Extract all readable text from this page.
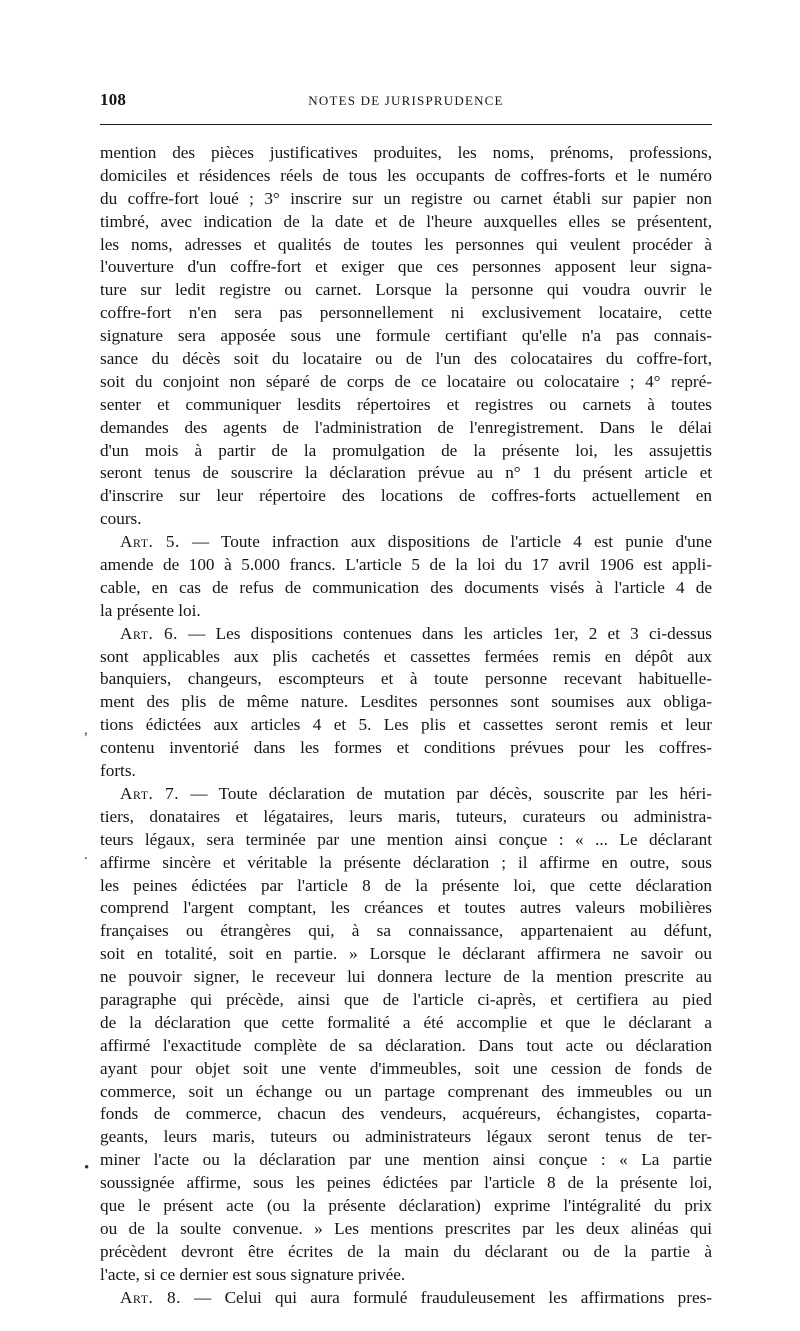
108	NOTES DE JURISPRUDENCE
mention des pièces justificatives produites, les noms, prénoms, professions,
domiciles et résidences réels de tous les occupants de coffres-forts et le numéro
du coffre-fort loué ; 3° inscrire sur un registre ou carnet établi sur papier non
timbré, avec indication de la date et de l'heure auxquelles elles se présentent,
les noms, adresses et qualités de toutes les personnes qui veulent procéder à
l'ouverture d'un coffre-fort et exiger que ces personnes apposent leur signa-
ture sur ledit registre ou carnet. Lorsque la personne qui voudra ouvrir le
coffre-fort n'en sera pas personnellement ni exclusivement locataire, cette
signature sera apposée sous une formule certifiant qu'elle n'a pas connais-
sance du décès soit du locataire ou de l'un des colocataires du coffre-fort,
soit du conjoint non séparé de corps de ce locataire ou colocataire ; 4° repré-
senter et communiquer lesdits répertoires et registres ou carnets à toutes
demandes des agents de l'administration de l'enregistrement. Dans le délai
d'un mois à partir de la promulgation de la présente loi, les assujettis
seront tenus de souscrire la déclaration prévue au n° 1 du présent article et
d'inscrire sur leur répertoire des locations de coffres-forts actuellement en
cours.
Art. 5. — Toute infraction aux dispositions de l'article 4 est punie d'une
amende de 100 à 5.000 francs. L'article 5 de la loi du 17 avril 1906 est appli-
cable, en cas de refus de communication des documents visés à l'article 4 de
la présente loi.
Art. 6. — Les dispositions contenues dans les articles 1er, 2 et 3 ci-dessus
sont applicables aux plis cachetés et cassettes fermées remis en dépôt aux
banquiers, changeurs, escompteurs et à toute personne recevant habituelle-
ment des plis de même nature. Lesdites personnes sont soumises aux obliga-
tions édictées aux articles 4 et 5. Les plis et cassettes seront remis et leur
contenu inventorié dans les formes et conditions prévues pour les coffres-
forts.
Art. 7. — Toute déclaration de mutation par décès, souscrite par les héri-
tiers, donataires et légataires, leurs maris, tuteurs, curateurs ou administra-
teurs légaux, sera terminée par une mention ainsi conçue : « ... Le déclarant
affirme sincère et véritable la présente déclaration ; il affirme en outre, sous
les peines édictées par l'article 8 de la présente loi, que cette déclaration
comprend l'argent comptant, les créances et toutes autres valeurs mobilières
françaises ou étrangères qui, à sa connaissance, appartenaient au défunt,
soit en totalité, soit en partie. » Lorsque le déclarant affirmera ne savoir ou
ne pouvoir signer, le receveur lui donnera lecture de la mention prescrite au
paragraphe qui précède, ainsi que de l'article ci-après, et certifiera au pied
de la déclaration que cette formalité a été accomplie et que le déclarant a
affirmé l'exactitude complète de sa déclaration. Dans tout acte ou déclaration
ayant pour objet soit une vente d'immeubles, soit une cession de fonds de
commerce, soit un échange ou un partage comprenant des immeubles ou un
fonds de commerce, chacun des vendeurs, acquéreurs, échangistes, coparta-
geants, leurs maris, tuteurs ou administrateurs légaux seront tenus de ter-
miner l'acte ou la déclaration par une mention ainsi conçue : « La partie
soussignée affirme, sous les peines édictées par l'article 8 de la présente loi,
que le présent acte (ou la présente déclaration) exprime l'intégralité du prix
ou de la soulte convenue. » Les mentions prescrites par les deux alinéas qui
précèdent devront être écrites de la main du déclarant ou de la partie à
l'acte, si ce dernier est sous signature privée.
Art. 8. — Celui qui aura formulé frauduleusement les affirmations pres-
,
.
•
